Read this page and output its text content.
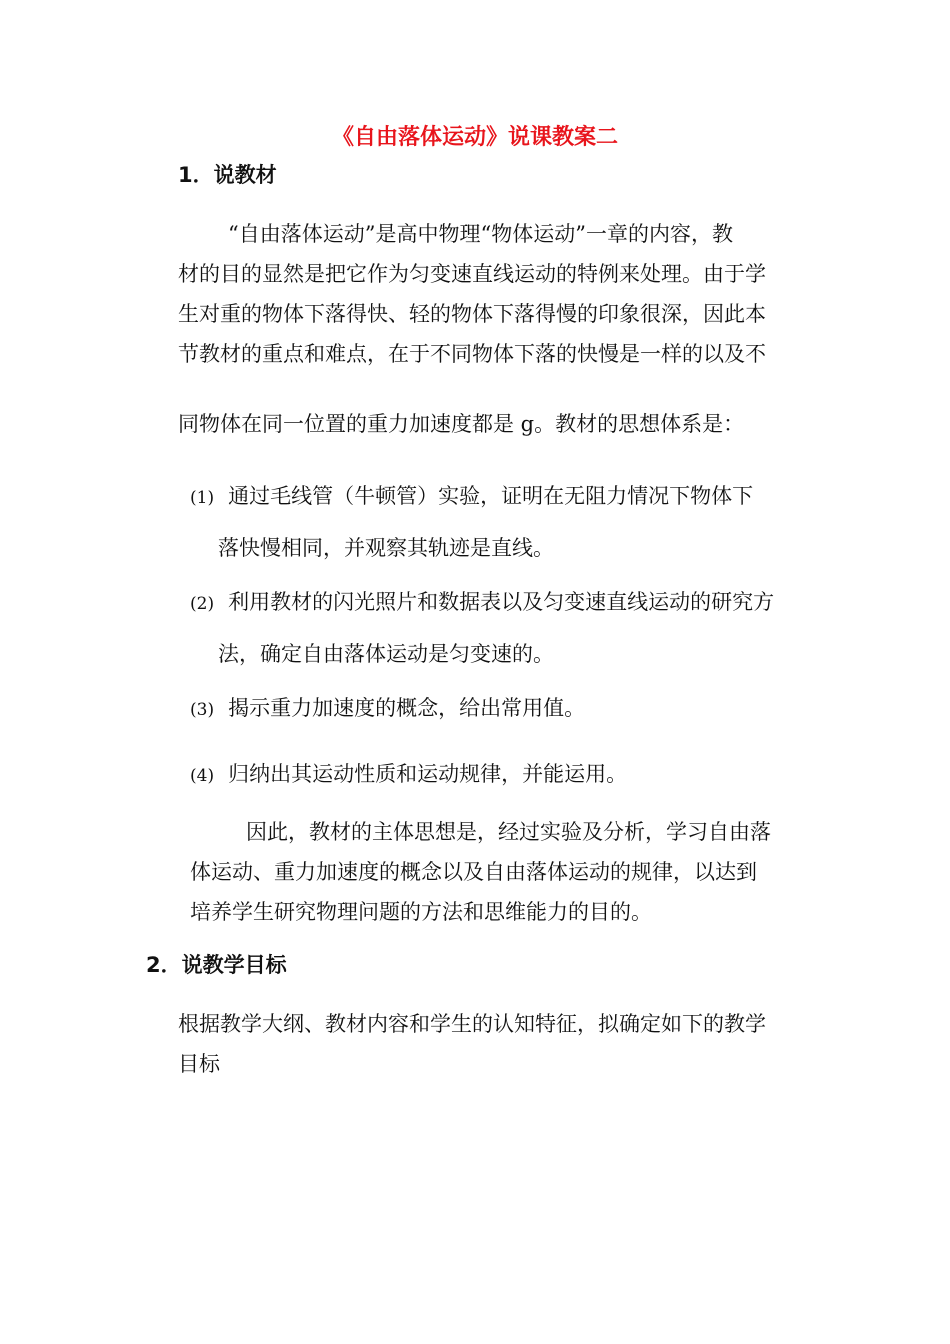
《自由落体运动》说课教案二
1．说教材
“自由落体运动”是高中物理“物体运动”一章的内容，教
材的目的显然是把它作为匀变速直线运动的特例来处理。由于学
生对重的物体下落得快、轻的物体下落得慢的印象很深，因此本
节教材的重点和难点，在于不同物体下落的快慢是一样的以及不
同物体在同一位置的重力加速度都是 g。教材的思想体系是：
(1) 通过毛线管（牛顿管）实验，证明在无阻力情况下物体下
落快慢相同，并观察其轨迹是直线。
(2) 利用教材的闪光照片和数据表以及匀变速直线运动的研究方
法，确定自由落体运动是匀变速的。
(3) 揭示重力加速度的概念，给出常用值。
(4) 归纳出其运动性质和运动规律，并能运用。
因此，教材的主体思想是，经过实验及分析，学习自由落
体运动、重力加速度的概念以及自由落体运动的规律，以达到
培养学生研究物理问题的方法和思维能力的目的。
2．说教学目标
根据教学大纲、教材内容和学生的认知特征，拟确定如下的教学
目标
